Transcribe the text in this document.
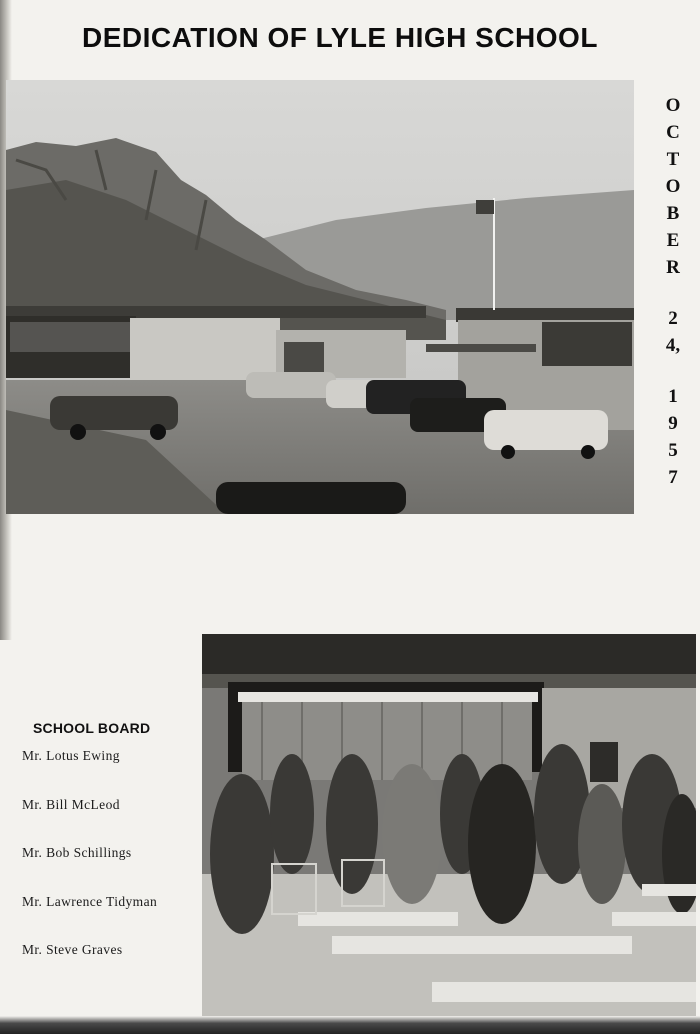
DEDICATION OF LYLE HIGH SCHOOL
O
C
T
O
B
E
R
2
4,
1
9
5
7
SCHOOL BOARD
Mr. Lotus Ewing
Mr. Bill McLeod
Mr. Bob Schillings
Mr. Lawrence Tidyman
Mr. Steve Graves
